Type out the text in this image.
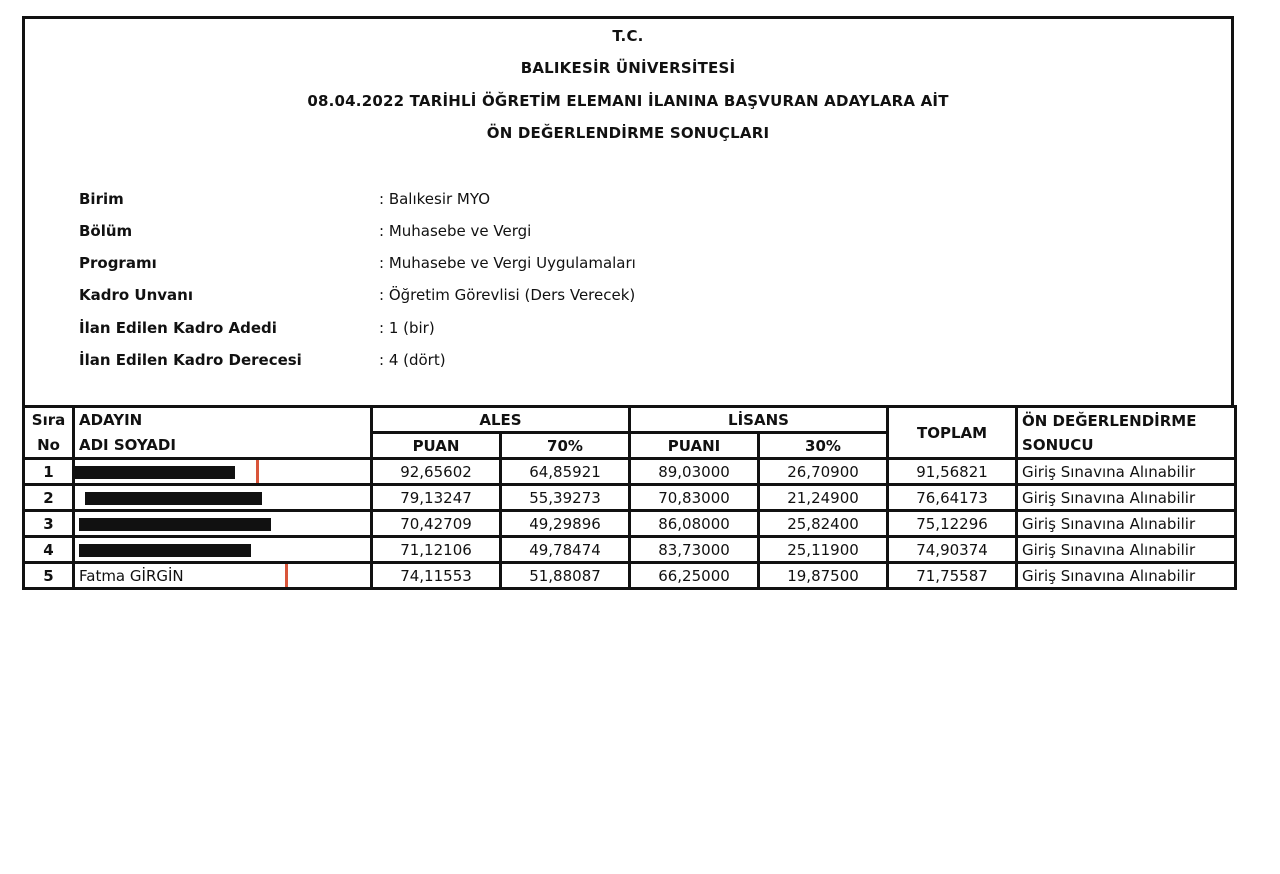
T.C.
BALIKESİR ÜNİVERSİTESİ
08.04.2022 TARİHLİ ÖĞRETİM ELEMANI İLANINA BAŞVURAN ADAYLARA AİT
ÖN DEĞERLENDİRME SONUÇLARI
Birim	: Balıkesir MYO
Bölüm	: Muhasebe ve Vergi
Programı	: Muhasebe ve Vergi Uygulamaları
Kadro Unvanı	: Öğretim Görevlisi (Ders Verecek)
İlan Edilen Kadro Adedi	: 1 (bir)
İlan Edilen Kadro Derecesi	: 4 (dört)
Sıra	ADAYIN	ALES		LİSANS		TOPLAM	ÖN DEĞERLENDİRME SONUCU
No	ADI SOYADI	PUAN	70%	PUANI	30%		
1		92,65602	64,85921	89,03000	26,70900	91,56821	Giriş Sınavına Alınabilir
2		79,13247	55,39273	70,83000	21,24900	76,64173	Giriş Sınavına Alınabilir
3		70,42709	49,29896	86,08000	25,82400	75,12296	Giriş Sınavına Alınabilir
4		71,12106	49,78474	83,73000	25,11900	74,90374	Giriş Sınavına Alınabilir
5	Fatma GİRGİN	74,11553	51,88087	66,25000	19,87500	71,75587	Giriş Sınavına Alınabilir
